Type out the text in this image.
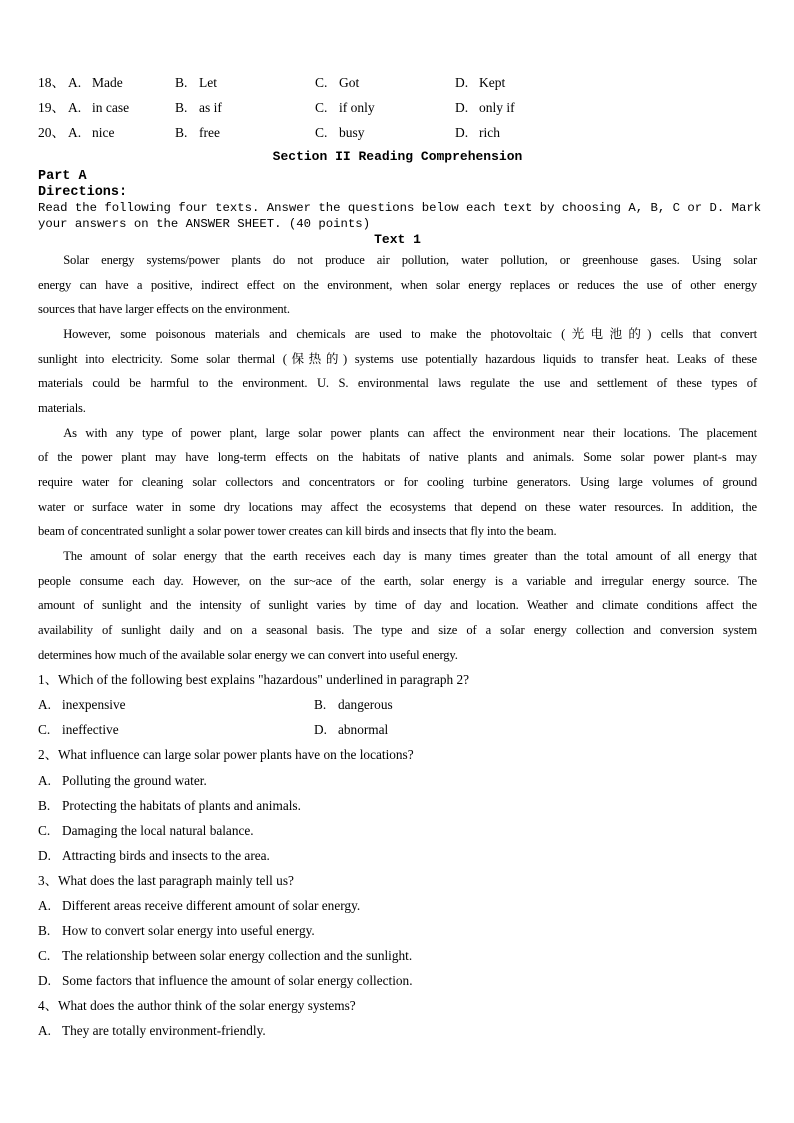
18、 A. Made	B. Let	C. Got	D. Kept
19、 A. in case	B. as if	C. if only	D. only if
20、 A. nice	B. free	C. busy	D. rich
Section II Reading Comprehension
Part A
Directions:
Read the following four texts. Answer the questions below each text by choosing A, B, C or D. Mark
your answers on the ANSWER SHEET. (40 points)
Text 1
Solar energy systems/power plants do not produce air pollution, water pollution, or greenhouse gases. Using solar
energy can have a positive, indirect effect on the environment, when solar energy replaces or reduces the use of other energy
sources that have larger effects on the environment.
However, some poisonous materials and chemicals are used to make the photovoltaic (光电池的) cells that convert
sunlight into electricity. Some solar thermal (保热的) systems use potentially hazardous liquids to transfer heat. Leaks of these
materials could be harmful to the environment. U. S. environmental laws regulate the use and settlement of these types of
materials.
As with any type of power plant, large solar power plants can affect the environment near their locations. The placement
of the power plant may have long-term effects on the habitats of native plants and animals. Some solar power plant-s may
require water for cleaning solar collectors and concentrators or for cooling turbine generators. Using large volumes of ground
water or surface water in some dry locations may affect the ecosystems that depend on these water resources. In addition, the
beam of concentrated sunlight a solar power tower creates can kill birds and insects that fly into the beam.
The amount of solar energy that the earth receives each day is many times greater than the total amount of all energy that
people consume each day. However, on the sur~ace of the earth, solar energy is a variable and irregular energy source. The
amount of sunlight and the intensity of sunlight varies by time of day and location. Weather and climate conditions affect the
availability of sunlight daily and on a seasonal basis. The type and size of a soIar energy collection and conversion system
determines how much of the available solar energy we can convert into useful energy.
1、Which of the following best explains "hazardous" underlined in paragraph 2?
A. inexpensive	B. dangerous
C. ineffective	D. abnormal
2、What influence can large solar power plants have on the locations?
A. Polluting the ground water.
B. Protecting the habitats of plants and animals.
C. Damaging the local natural balance.
D. Attracting birds and insects to the area.
3、What does the last paragraph mainly tell us?
A. Different areas receive different amount of solar energy.
B. How to convert solar energy into useful energy.
C. The relationship between solar energy collection and the sunlight.
D. Some factors that influence the amount of solar energy collection.
4、What does the author think of the solar energy systems?
A. They are totally environment-friendly.
